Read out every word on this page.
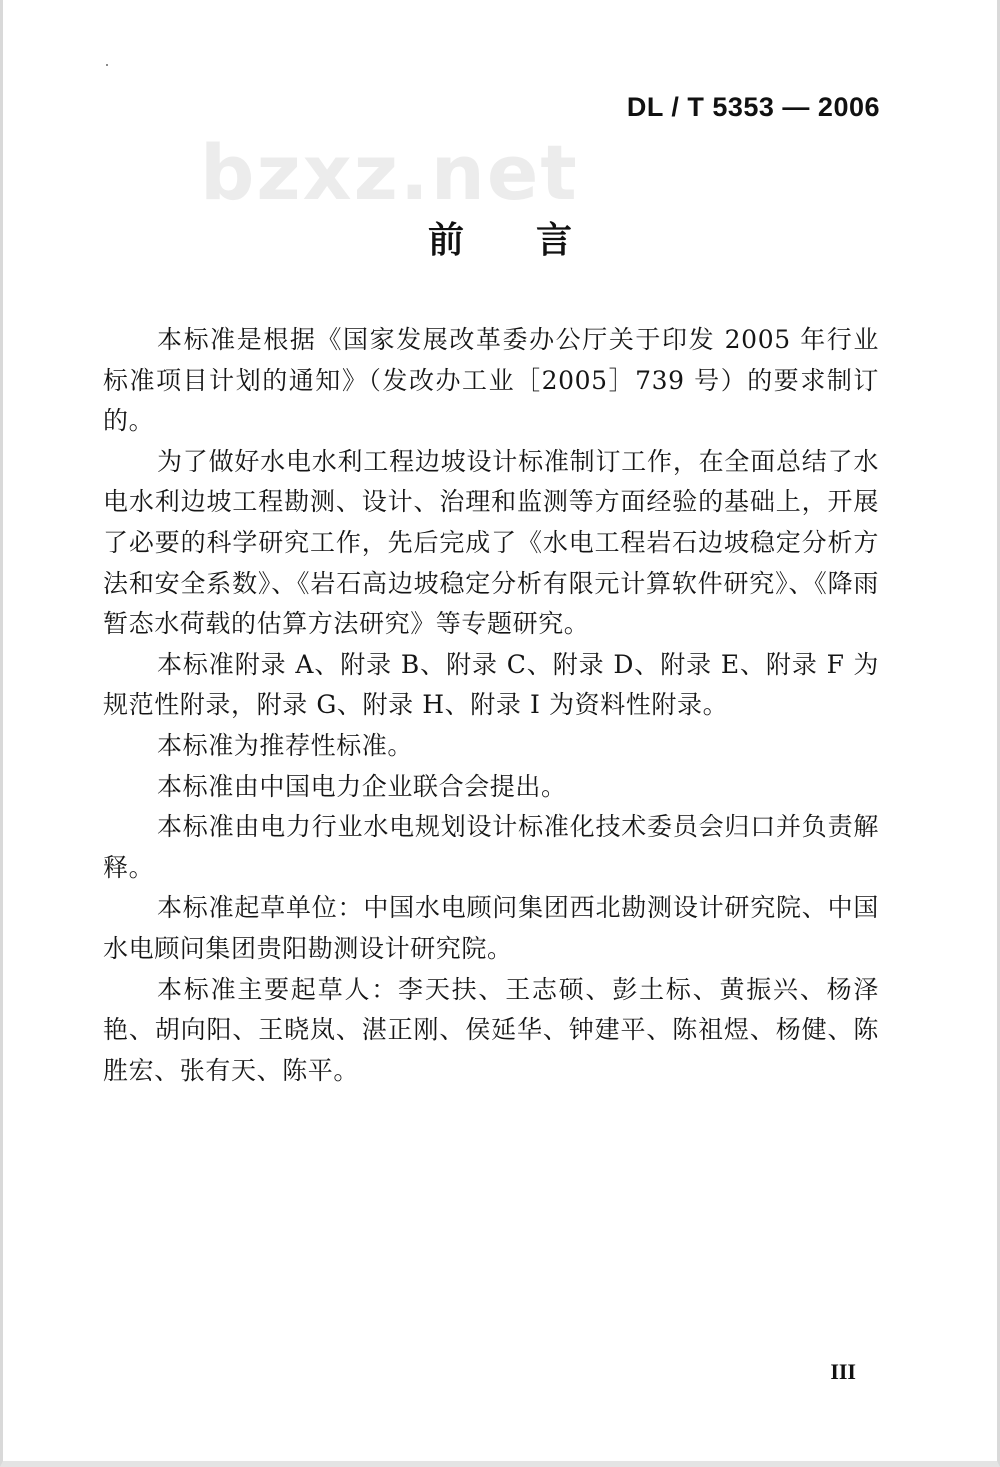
DL / T 5353 — 2006
bzxz.net
前言

本标准是根据《国家发展改革委办公厅关于印发 2005 年行业标准项目计划的通知》（发改办工业［2005］739 号）的要求制订的。

为了做好水电水利工程边坡设计标准制订工作，在全面总结了水电水利边坡工程勘测、设计、治理和监测等方面经验的基础上，开展了必要的科学研究工作，先后完成了《水电工程岩石边坡稳定分析方法和安全系数》、《岩石高边坡稳定分析有限元计算软件研究》、《降雨暂态水荷载的估算方法研究》等专题研究。

本标准附录 A、附录 B、附录 C、附录 D、附录 E、附录 F 为规范性附录，附录 G、附录 H、附录 I 为资料性附录。

本标准为推荐性标准。

本标准由中国电力企业联合会提出。

本标准由电力行业水电规划设计标准化技术委员会归口并负责解释。

本标准起草单位：中国水电顾问集团西北勘测设计研究院、中国水电顾问集团贵阳勘测设计研究院。

本标准主要起草人：李天扶、王志硕、彭土标、黄振兴、杨泽艳、胡向阳、王晓岚、湛正刚、侯延华、钟建平、陈祖煜、杨健、陈胜宏、张有天、陈平。

III
